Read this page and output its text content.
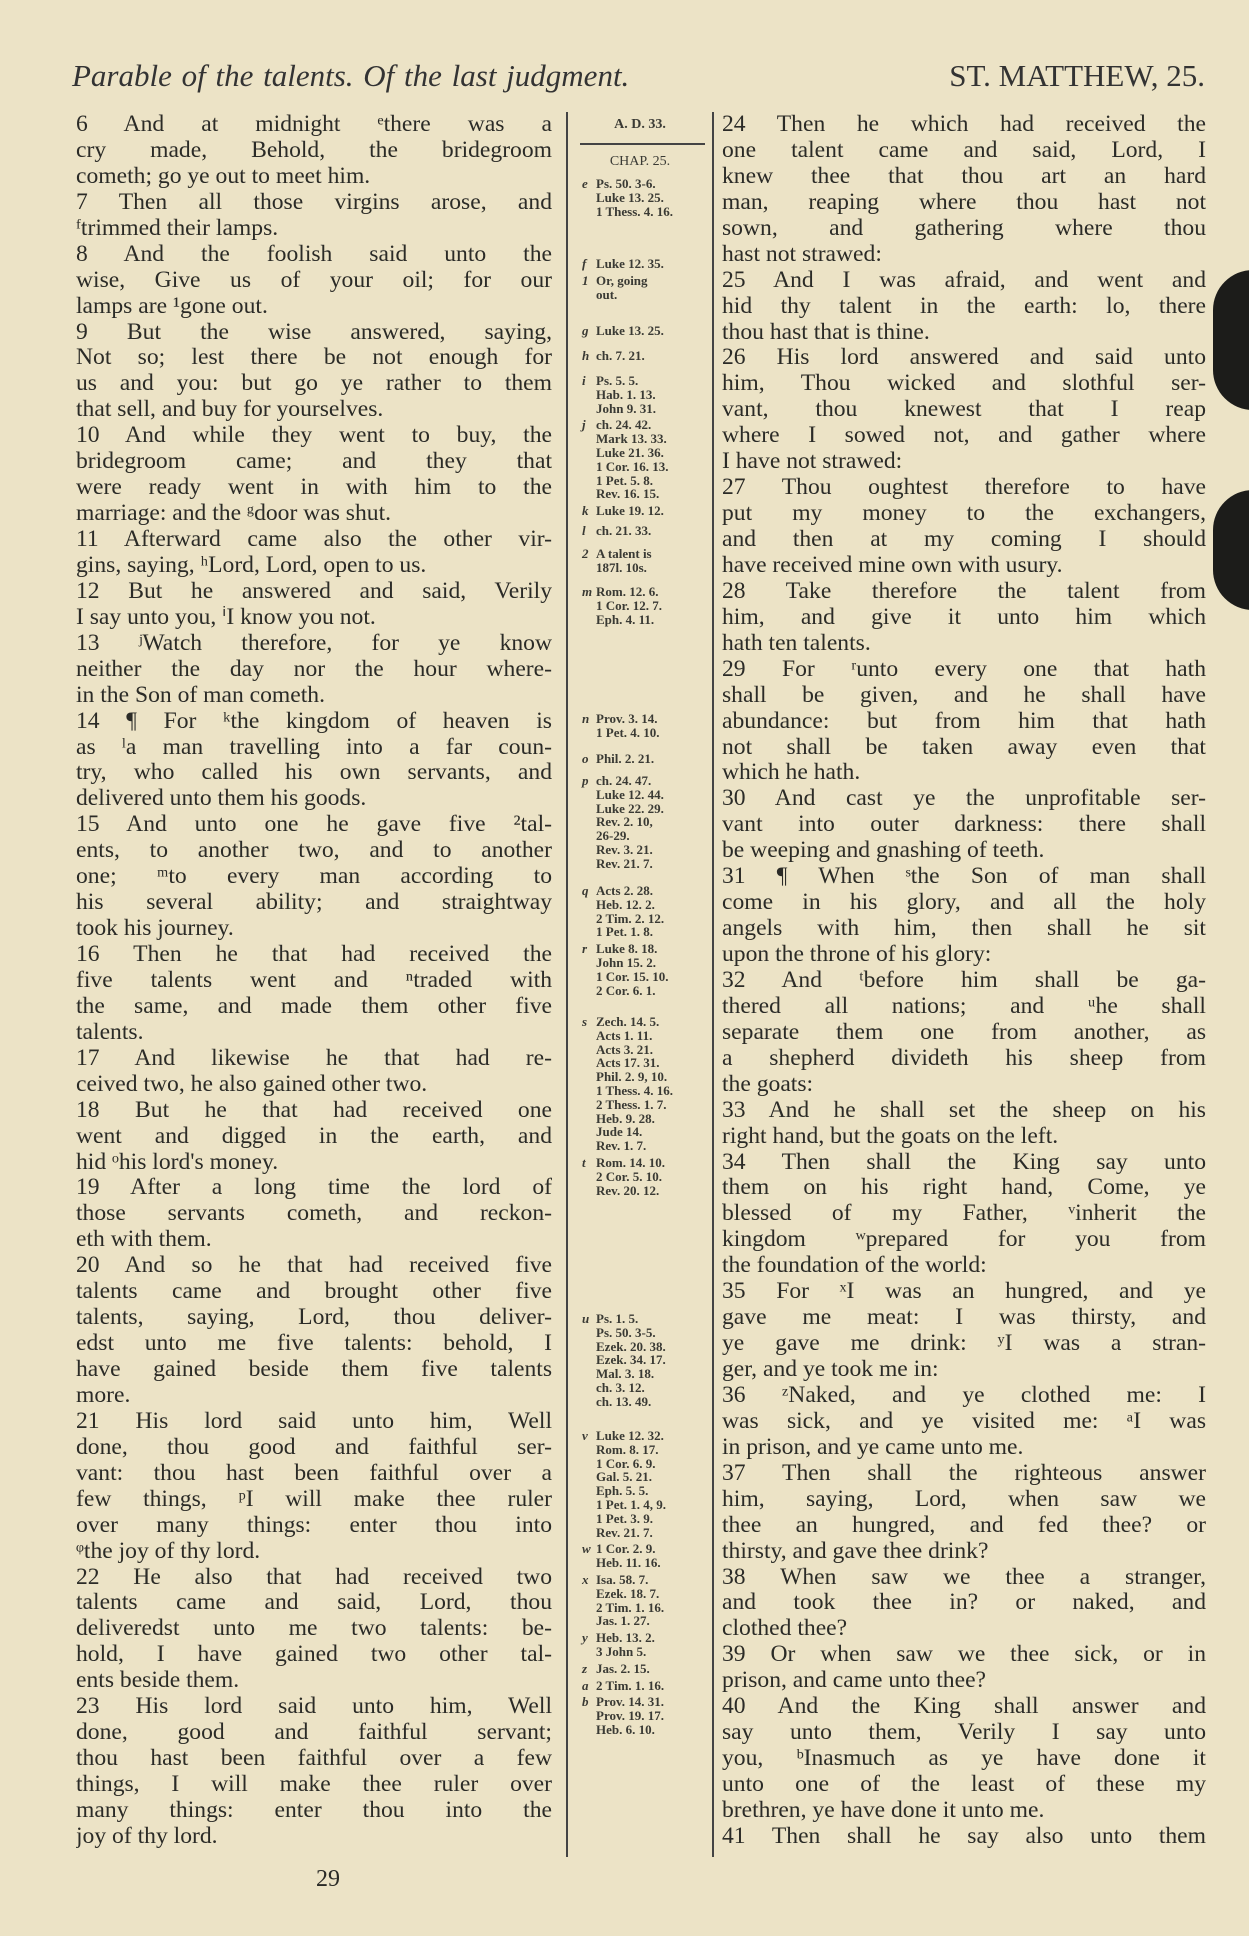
Parable of the talents. Of the last judgment.	ST. MATTHEW, 25.
6 And at midnight ᵉthere was a
cry made, Behold, the bridegroom
cometh; go ye out to meet him.
7 Then all those virgins arose, and
ᶠtrimmed their lamps.
8 And the foolish said unto the
wise, Give us of your oil; for our
lamps are ¹gone out.
9 But the wise answered, saying,
Not so; lest there be not enough for
us and you: but go ye rather to them
that sell, and buy for yourselves.
10 And while they went to buy, the
bridegroom came; and they that
were ready went in with him to the
marriage: and the ᵍdoor was shut.
11 Afterward came also the other vir-
gins, saying, ʰLord, Lord, open to us.
12 But he answered and said, Verily
I say unto you, ⁱI know you not.
13 ʲWatch therefore, for ye know
neither the day nor the hour where-
in the Son of man cometh.
14 ¶ For ᵏthe kingdom of heaven is
as ˡa man travelling into a far coun-
try, who called his own servants, and
delivered unto them his goods.
15 And unto one he gave five ²tal-
ents, to another two, and to another
one; ᵐto every man according to
his several ability; and straightway
took his journey.
16 Then he that had received the
five talents went and ⁿtraded with
the same, and made them other five
talents.
17 And likewise he that had re-
ceived two, he also gained other two.
18 But he that had received one
went and digged in the earth, and
hid ᵒhis lord's money.
19 After a long time the lord of
those servants cometh, and reckon-
eth with them.
20 And so he that had received five
talents came and brought other five
talents, saying, Lord, thou deliver-
edst unto me five talents: behold, I
have gained beside them five talents
more.
21 His lord said unto him, Well
done, thou good and faithful ser-
vant: thou hast been faithful over a
few things, ᵖI will make thee ruler
over many things: enter thou into
ᵠthe joy of thy lord.
22 He also that had received two
talents came and said, Lord, thou
deliveredst unto me two talents: be-
hold, I have gained two other tal-
ents beside them.
23 His lord said unto him, Well
done, good and faithful servant;
thou hast been faithful over a few
things, I will make thee ruler over
many things: enter thou into the
joy of thy lord.
A. D. 33.
CHAP. 25.
e Ps. 50. 3-6.
Luke 13. 25.
1 Thess. 4. 16.
f Luke 12. 35.
1 Or, going
out.
g Luke 13. 25.
h ch. 7. 21.
i Ps. 5. 5.
Hab. 1. 13.
John 9. 31.
j ch. 24. 42.
Mark 13. 33.
Luke 21. 36.
1 Cor. 16. 13.
1 Pet. 5. 8.
Rev. 16. 15.
k Luke 19. 12.
l ch. 21. 33.
2 A talent is
187l. 10s.
m Rom. 12. 6.
1 Cor. 12. 7.
Eph. 4. 11.
n Prov. 3. 14.
1 Pet. 4. 10.
o Phil. 2. 21.
p ch. 24. 47.
Luke 12. 44.
Luke 22. 29.
Rev. 2. 10,
26-29.
Rev. 3. 21.
Rev. 21. 7.
q Acts 2. 28.
Heb. 12. 2.
2 Tim. 2. 12.
1 Pet. 1. 8.
r Luke 8. 18.
John 15. 2.
1 Cor. 15. 10.
2 Cor. 6. 1.
s Zech. 14. 5.
Acts 1. 11.
Acts 3. 21.
Acts 17. 31.
Phil. 2. 9, 10.
1 Thess. 4. 16.
2 Thess. 1. 7.
Heb. 9. 28.
Jude 14.
Rev. 1. 7.
t Rom. 14. 10.
2 Cor. 5. 10.
Rev. 20. 12.
u Ps. 1. 5.
Ps. 50. 3-5.
Ezek. 20. 38.
Ezek. 34. 17.
Mal. 3. 18.
ch. 3. 12.
ch. 13. 49.
v Luke 12. 32.
Rom. 8. 17.
1 Cor. 6. 9.
Gal. 5. 21.
Eph. 5. 5.
1 Pet. 1. 4, 9.
1 Pet. 3. 9.
Rev. 21. 7.
w 1 Cor. 2. 9.
Heb. 11. 16.
x Isa. 58. 7.
Ezek. 18. 7.
2 Tim. 1. 16.
Jas. 1. 27.
y Heb. 13. 2.
3 John 5.
z Jas. 2. 15.
a 2 Tim. 1. 16.
b Prov. 14. 31.
Prov. 19. 17.
Heb. 6. 10.
24 Then he which had received the
one talent came and said, Lord, I
knew thee that thou art an hard
man, reaping where thou hast not
sown, and gathering where thou
hast not strawed:
25 And I was afraid, and went and
hid thy talent in the earth: lo, there
thou hast that is thine.
26 His lord answered and said unto
him, Thou wicked and slothful ser-
vant, thou knewest that I reap
where I sowed not, and gather where
I have not strawed:
27 Thou oughtest therefore to have
put my money to the exchangers,
and then at my coming I should
have received mine own with usury.
28 Take therefore the talent from
him, and give it unto him which
hath ten talents.
29 For ʳunto every one that hath
shall be given, and he shall have
abundance: but from him that hath
not shall be taken away even that
which he hath.
30 And cast ye the unprofitable ser-
vant into outer darkness: there shall
be weeping and gnashing of teeth.
31 ¶ When ˢthe Son of man shall
come in his glory, and all the holy
angels with him, then shall he sit
upon the throne of his glory:
32 And ᵗbefore him shall be ga-
thered all nations; and ᵘhe shall
separate them one from another, as
a shepherd divideth his sheep from
the goats:
33 And he shall set the sheep on his
right hand, but the goats on the left.
34 Then shall the King say unto
them on his right hand, Come, ye
blessed of my Father, ᵛinherit the
kingdom ʷprepared for you from
the foundation of the world:
35 For ˣI was an hungred, and ye
gave me meat: I was thirsty, and
ye gave me drink: ʸI was a stran-
ger, and ye took me in:
36 ᶻNaked, and ye clothed me: I
was sick, and ye visited me: ᵃI was
in prison, and ye came unto me.
37 Then shall the righteous answer
him, saying, Lord, when saw we
thee an hungred, and fed thee? or
thirsty, and gave thee drink?
38 When saw we thee a stranger,
and took thee in? or naked, and
clothed thee?
39 Or when saw we thee sick, or in
prison, and came unto thee?
40 And the King shall answer and
say unto them, Verily I say unto
you, ᵇInasmuch as ye have done it
unto one of the least of these my
brethren, ye have done it unto me.
41 Then shall he say also unto them
29
